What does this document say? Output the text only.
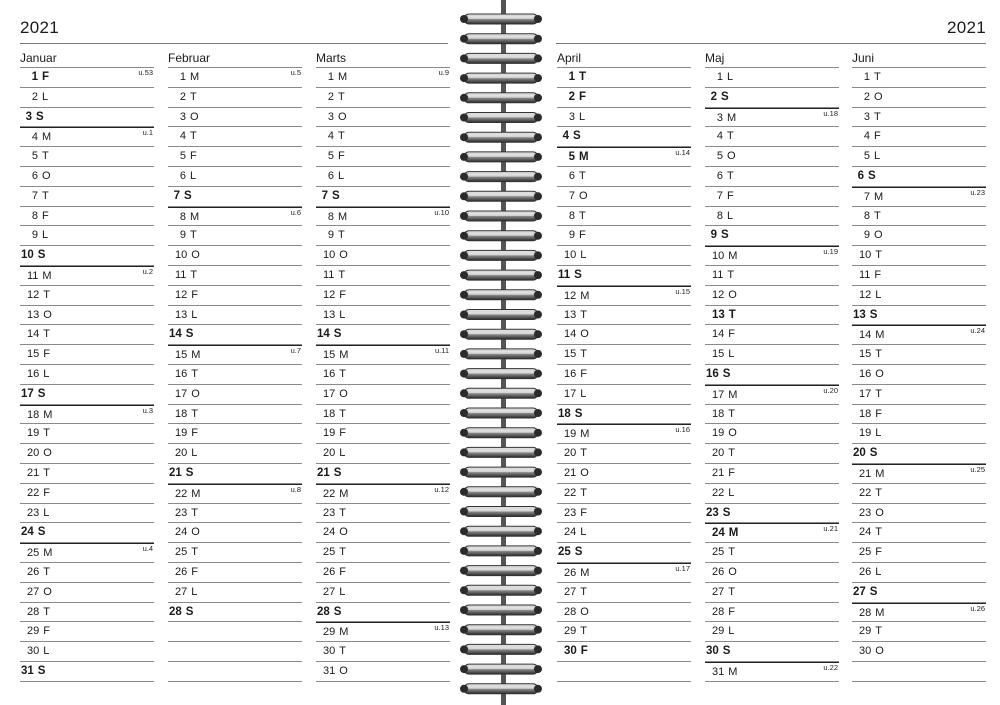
2021	2021
Januar
1 F	u.53
2 L
3 S
4 M	u.1
5 T
6 O
7 T
8 F
9 L
10 S
11 M	u.2
12 T
13 O
14 T
15 F
16 L
17 S
18 M	u.3
19 T
20 O
21 T
22 F
23 L
24 S
25 M	u.4
26 T
27 O
28 T
29 F
30 L
31 S
Februar
1 M	u.5
2 T
3 O
4 T
5 F
6 L
7 S
8 M	u.6
9 T
10 O
11 T
12 F
13 L
14 S
15 M	u.7
16 T
17 O
18 T
19 F
20 L
21 S
22 M	u.8
23 T
24 O
25 T
26 F
27 L
28 S
Marts
1 M	u.9
2 T
3 O
4 T
5 F
6 L
7 S
8 M	u.10
9 T
10 O
11 T
12 F
13 L
14 S
15 M	u.11
16 T
17 O
18 T
19 F
20 L
21 S
22 M	u.12
23 T
24 O
25 T
26 F
27 L
28 S
29 M	u.13
30 T
31 O
April
1 T
2 F
3 L
4 S
5 M	u.14
6 T
7 O
8 T
9 F
10 L
11 S
12 M	u.15
13 T
14 O
15 T
16 F
17 L
18 S
19 M	u.16
20 T
21 O
22 T
23 F
24 L
25 S
26 M	u.17
27 T
28 O
29 T
30 F
Maj
1 L
2 S
3 M	u.18
4 T
5 O
6 T
7 F
8 L
9 S
10 M	u.19
11 T
12 O
13 T
14 F
15 L
16 S
17 M	u.20
18 T
19 O
20 T
21 F
22 L
23 S
24 M	u.21
25 T
26 O
27 T
28 F
29 L
30 S
31 M	u.22
Juni
1 T
2 O
3 T
4 F
5 L
6 S
7 M	u.23
8 T
9 O
10 T
11 F
12 L
13 S
14 M	u.24
15 T
16 O
17 T
18 F
19 L
20 S
21 M	u.25
22 T
23 O
24 T
25 F
26 L
27 S
28 M	u.26
29 T
30 O
